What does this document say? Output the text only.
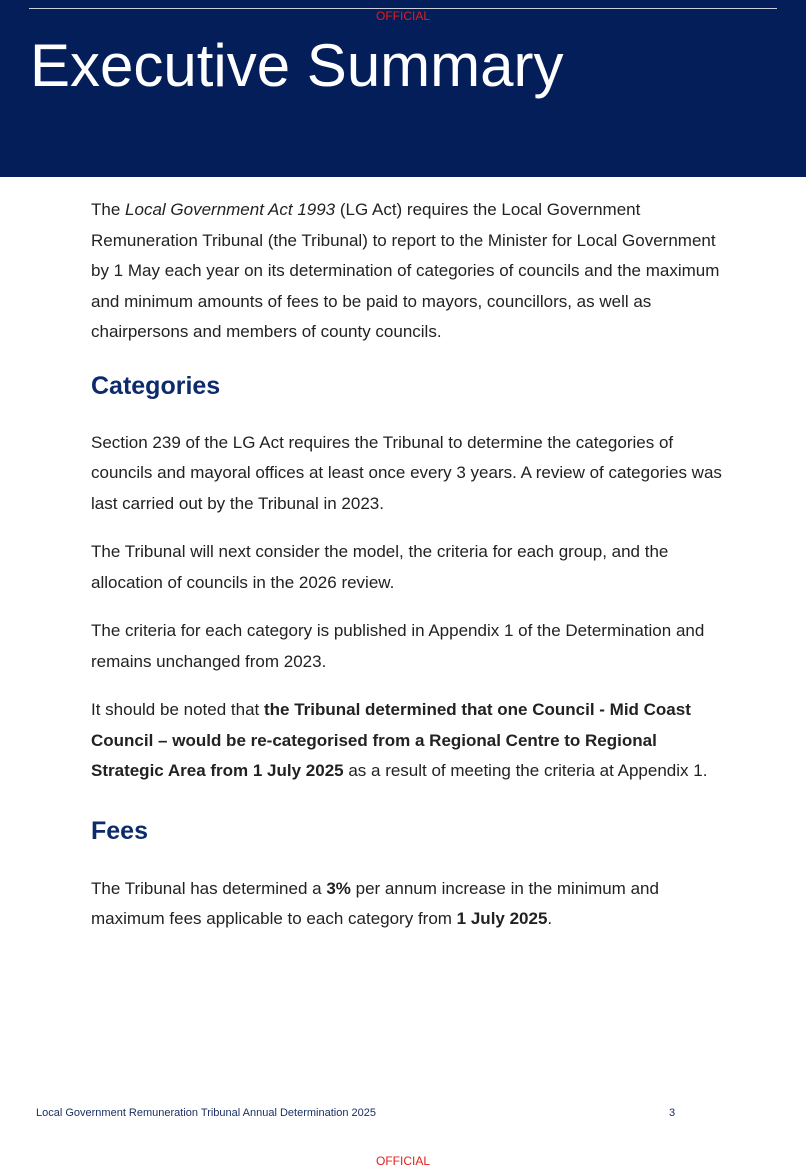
Executive Summary
OFFICIAL

The Local Government Act 1993 (LG Act) requires the Local Government Remuneration Tribunal (the Tribunal) to report to the Minister for Local Government by 1 May each year on its determination of categories of councils and the maximum and minimum amounts of fees to be paid to mayors, councillors, as well as chairpersons and members of county councils.

Categories

Section 239 of the LG Act requires the Tribunal to determine the categories of councils and mayoral offices at least once every 3 years. A review of categories was last carried out by the Tribunal in 2023.

The Tribunal will next consider the model, the criteria for each group, and the allocation of councils in the 2026 review.

The criteria for each category is published in Appendix 1 of the Determination and remains unchanged from 2023.

It should be noted that the Tribunal determined that one Council - Mid Coast Council – would be re-categorised from a Regional Centre to Regional Strategic Area from 1 July 2025 as a result of meeting the criteria at Appendix 1.

Fees

The Tribunal has determined a 3% per annum increase in the minimum and maximum fees applicable to each category from 1 July 2025.

Local Government Remuneration Tribunal Annual Determination 2025	3
OFFICIAL
